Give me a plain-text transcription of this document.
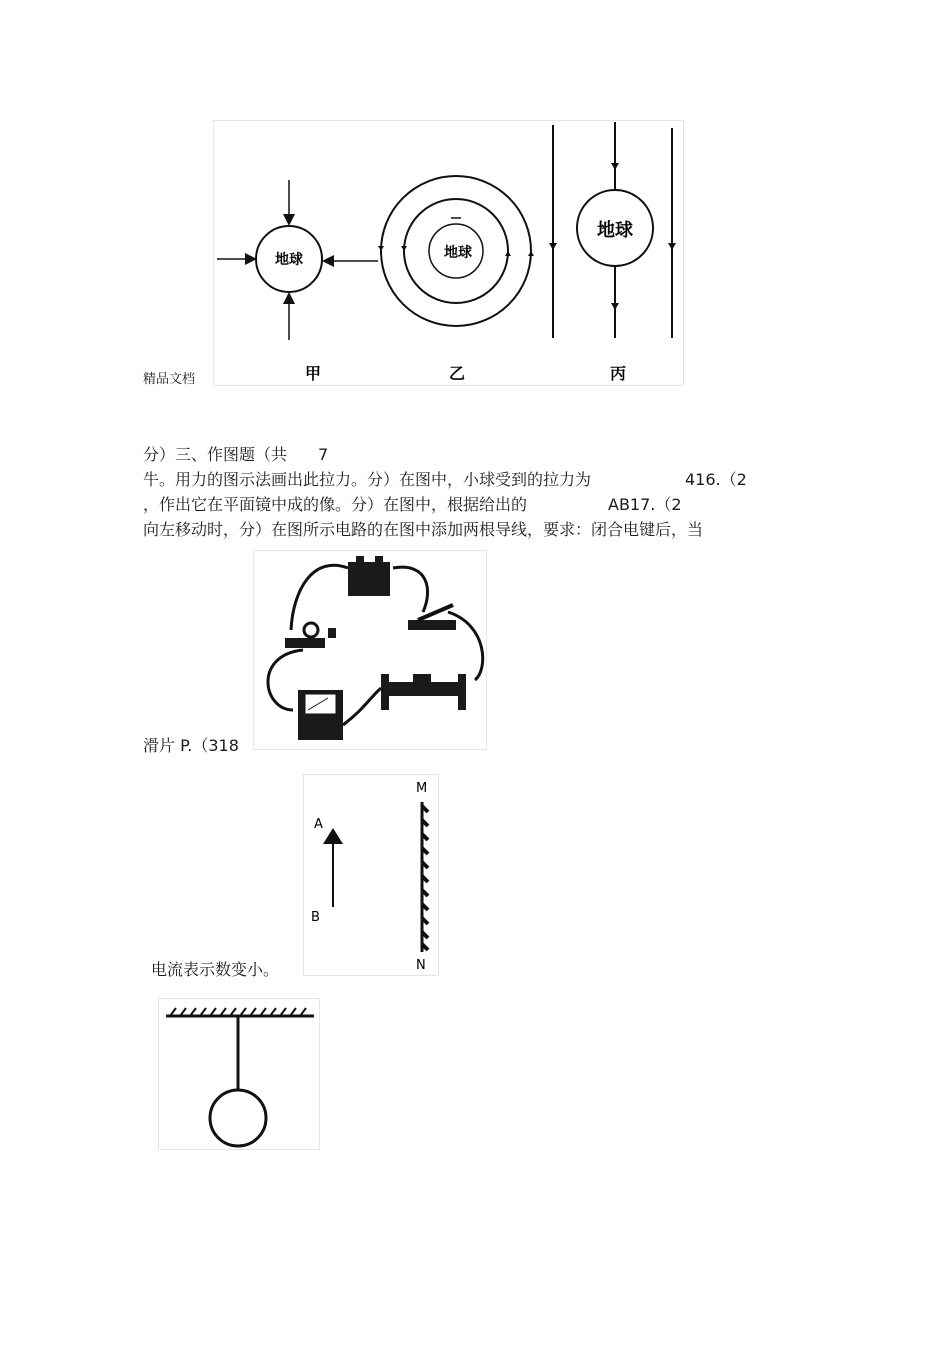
精品文档
地球	地球
地球
甲	乙	丙
分）三、作图题（共 7
牛。用力的图示法画出此拉力。分）在图中，小球受到的拉力为	416.（2
，作出它在平面镜中成的像。分）在图中，根据给出的	AB17.（2
向左移动时，分）在图所示电路的在图中添加两根导线，要求：闭合电键后，当
滑片 P.（318
A
B
M
N
电流表示数变小。
